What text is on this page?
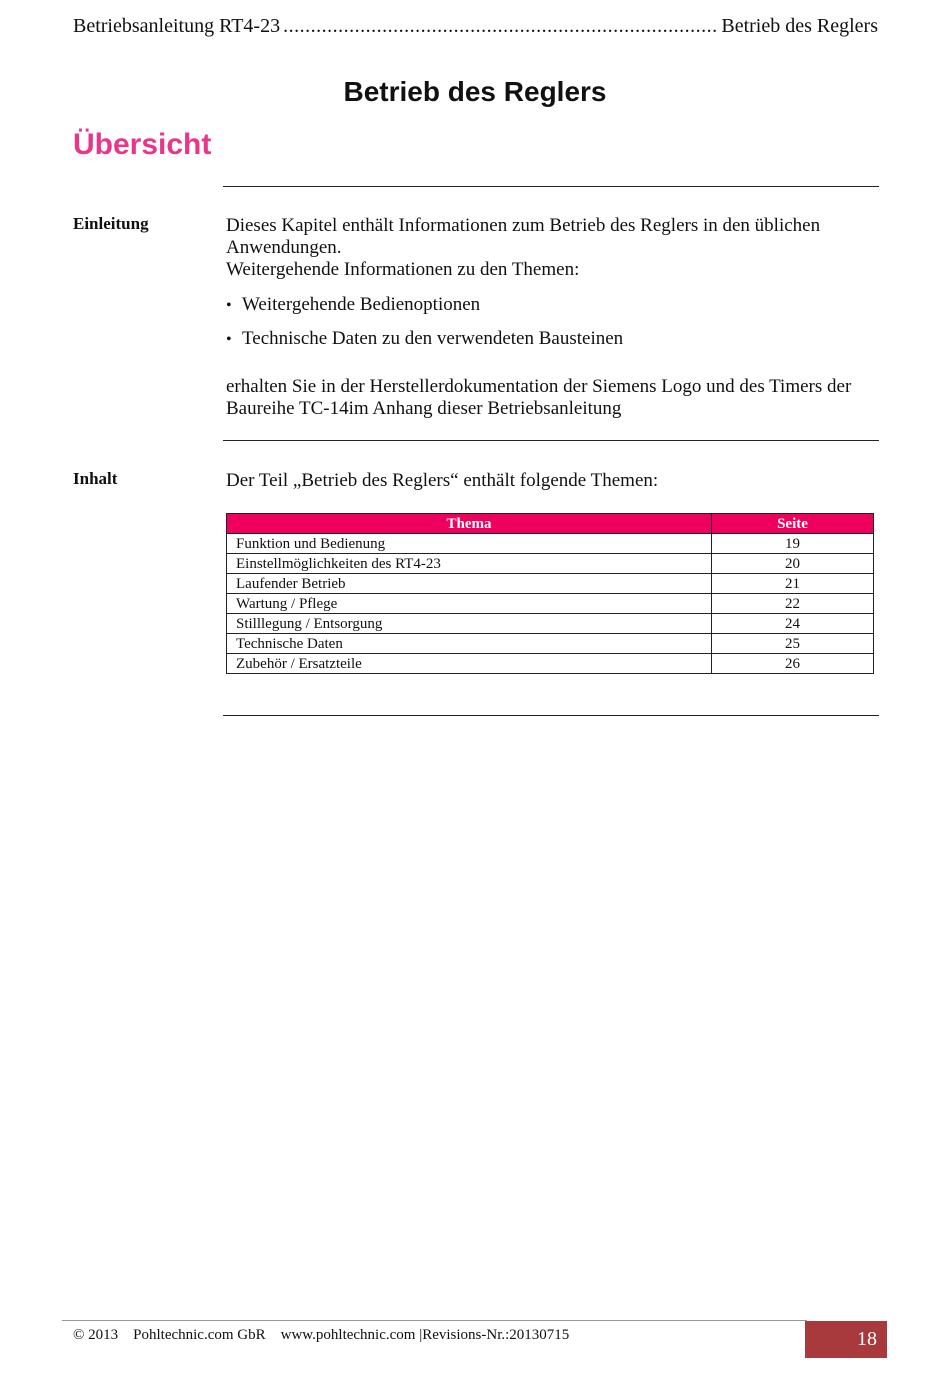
Betriebsanleitung RT4-23 .....	Betrieb des Reglers
Betrieb des Reglers
Übersicht
Einleitung	Dieses Kapitel enthält Informationen zum Betrieb des Reglers in den üblichen
Anwendungen.
Weitergehende Informationen zu den Themen:
• Weitergehende Bedienoptionen
• Technische Daten zu den verwendeten Bausteinen
erhalten Sie in der Herstellerdokumentation der Siemens Logo und des Timers der
Baureihe TC-14im Anhang dieser Betriebsanleitung
Inhalt	Der Teil „Betrieb des Reglers“ enthält folgende Themen:
Thema	Seite
Funktion und Bedienung	19
Einstellmöglichkeiten des RT4-23	20
Laufender Betrieb	21
Wartung / Pflege	22
Stilllegung / Entsorgung	24
Technische Daten	25
Zubehör / Ersatzteile	26
© 2013    Pohltechnic.com GbR    www.pohltechnic.com |Revisions-Nr.:20130715	18
